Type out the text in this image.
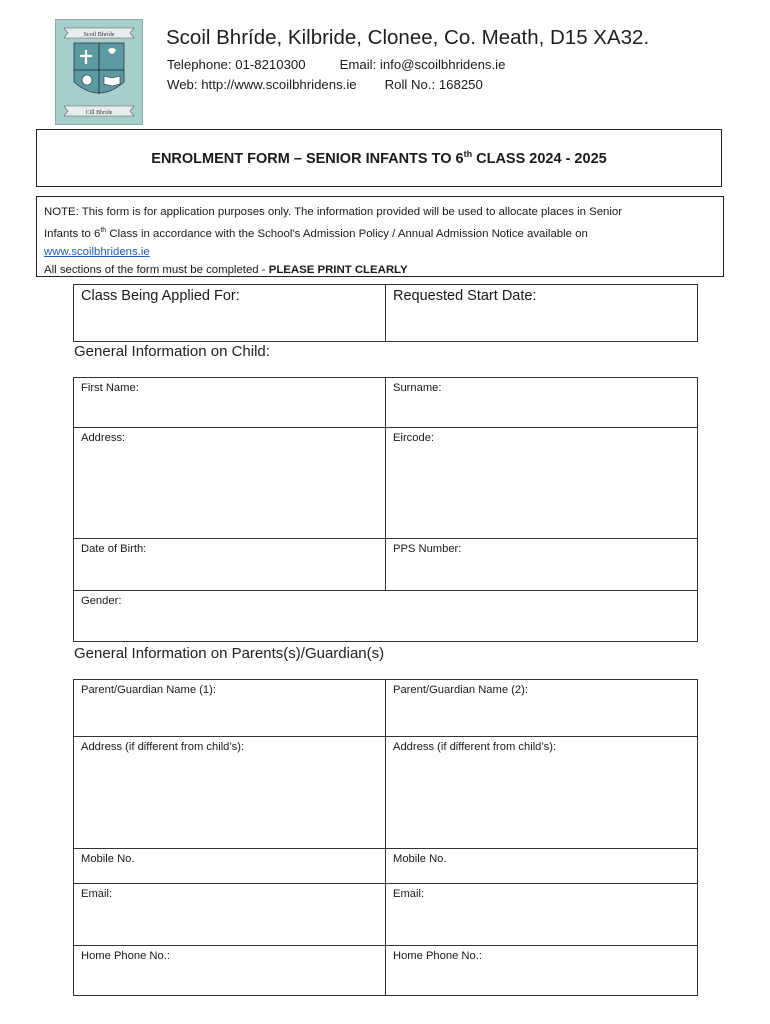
Scoil Bhríde
Cill Bhríde
Scoil Bhríde, Kilbride, Clonee, Co. Meath, D15 XA32.
Telephone: 01-8210300	Email: info@scoilbhridens.ie
Web: http://www.scoilbhridens.ie Roll No.: 168250
ENROLMENT FORM – SENIOR INFANTS TO 6th CLASS 2024 - 2025
NOTE: This form is for application purposes only. The information provided will be used to allocate places in Senior
Infants to 6th Class in accordance with the School’s Admission Policy / Annual Admission Notice available on
www.scoilbhridens.ie
All sections of the form must be completed - PLEASE PRINT CLEARLY
Class Being Applied For:	Requested Start Date:
General Information on Child:
First Name:	Surname:
Address:	Eircode:
Date of Birth:	PPS Number:
Gender:	
General Information on Parents(s)/Guardian(s)
Parent/Guardian Name (1):	Parent/Guardian Name (2):
Address (if different from child’s):	Address (if different from child’s):
Mobile No.	Mobile No.
Email:	Email:
Home Phone No.:	Home Phone No.:
